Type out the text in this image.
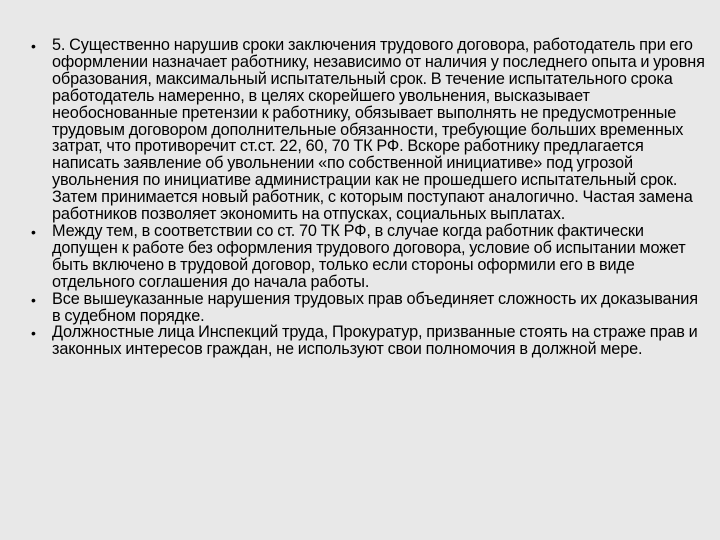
• 5. Существенно нарушив сроки заключения трудового договора, работодатель при его оформлении назначает работнику, независимо от наличия у последнего опыта и уровня образования, максимальный испытательный срок. В течение испытательного срока работодатель намеренно, в целях скорейшего увольнения, высказывает необоснованные претензии к работнику, обязывает выполнять не предусмотренные трудовым договором дополнительные обязанности, требующие больших временных затрат, что противоречит ст.ст. 22, 60, 70 ТК РФ. Вскоре работнику предлагается написать заявление об увольнении «по собственной инициативе» под угрозой увольнения по инициативе администрации как не прошедшего испытательный срок. Затем принимается новый работник, с которым поступают аналогично. Частая замена работников позволяет экономить на отпусках, социальных выплатах.
• Между тем, в соответствии со ст. 70 ТК РФ, в случае когда работник фактически допущен к работе без оформления трудового договора, условие об испытании может быть включено в трудовой договор, только если стороны оформили его в виде отдельного соглашения до начала работы.
• Все вышеуказанные нарушения трудовых прав объединяет сложность их доказывания в судебном порядке.
• Должностные лица Инспекций труда, Прокуратур, призванные стоять на страже прав и законных интересов граждан, не используют свои полномочия в должной мере.
